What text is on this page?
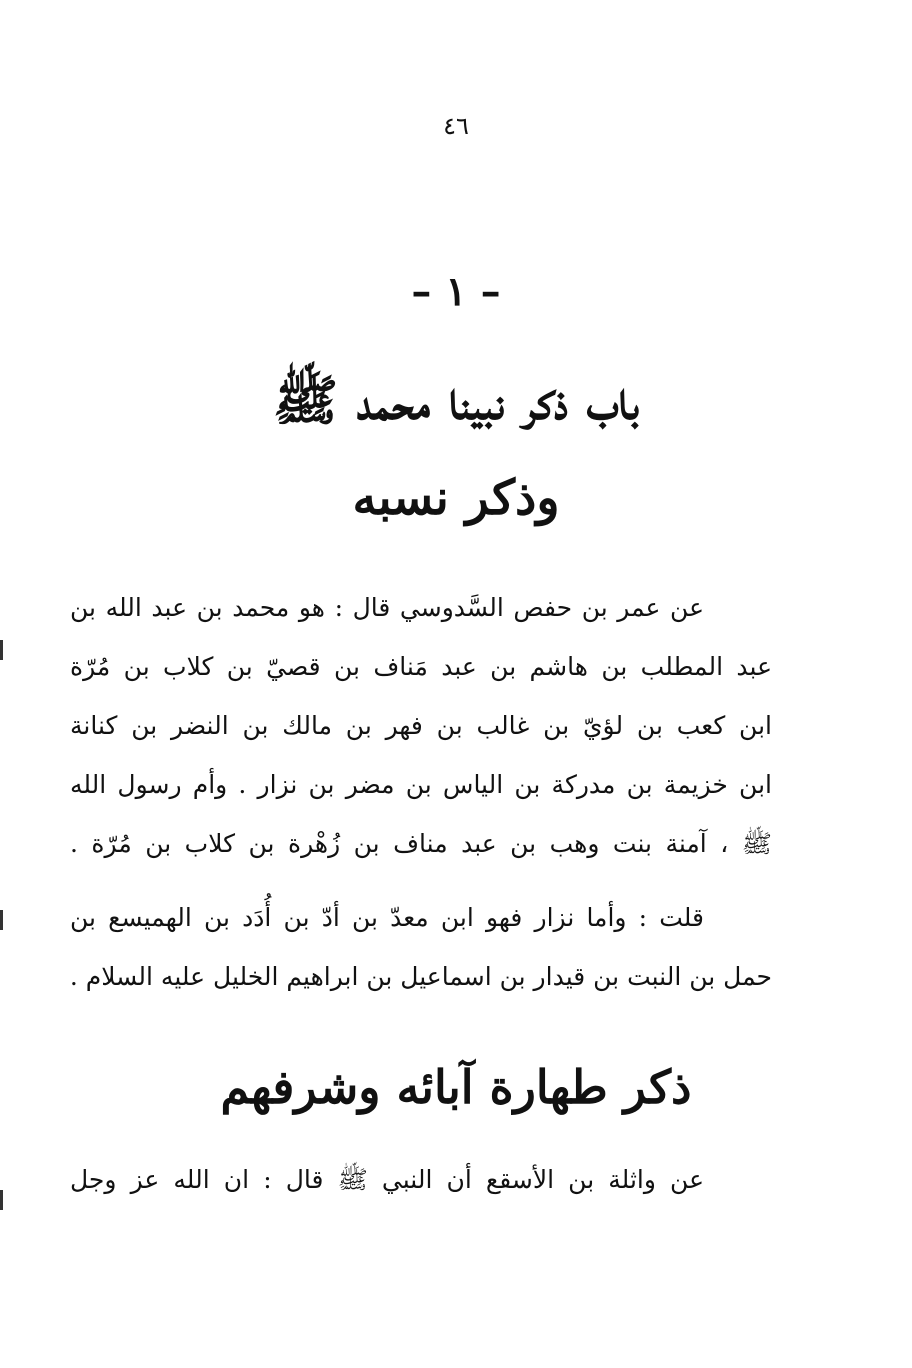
٤٦
– ١ –
باب ذكر نبينا محمد ﷺ
وذكر نسبه
عن عمر بن حفص السَّدوسي قال : هو محمد بن عبد الله بن
عبد المطلب بن هاشم بن عبد مَناف بن قصيّ بن كلاب بن مُرّة
ابن كعب بن لؤيّ بن غالب بن فهر بن مالك بن النضر بن كنانة
ابن خزيمة بن مدركة بن الياس بن مضر بن نزار . وأم رسول الله
ﷺ ، آمنة بنت وهب بن عبد مناف بن زُهْرة بن كلاب بن مُرّة .
قلت : وأما نزار فهو ابن معدّ بن أدّ بن أُدَد بن الهميسع بن
حمل بن النبت بن قيدار بن اسماعيل بن ابراهيم الخليل عليه السلام .
ذكر طهارة آبائه وشرفهم
عن واثلة بن الأسقع أن النبي ﷺ قال : ان الله عز وجل
